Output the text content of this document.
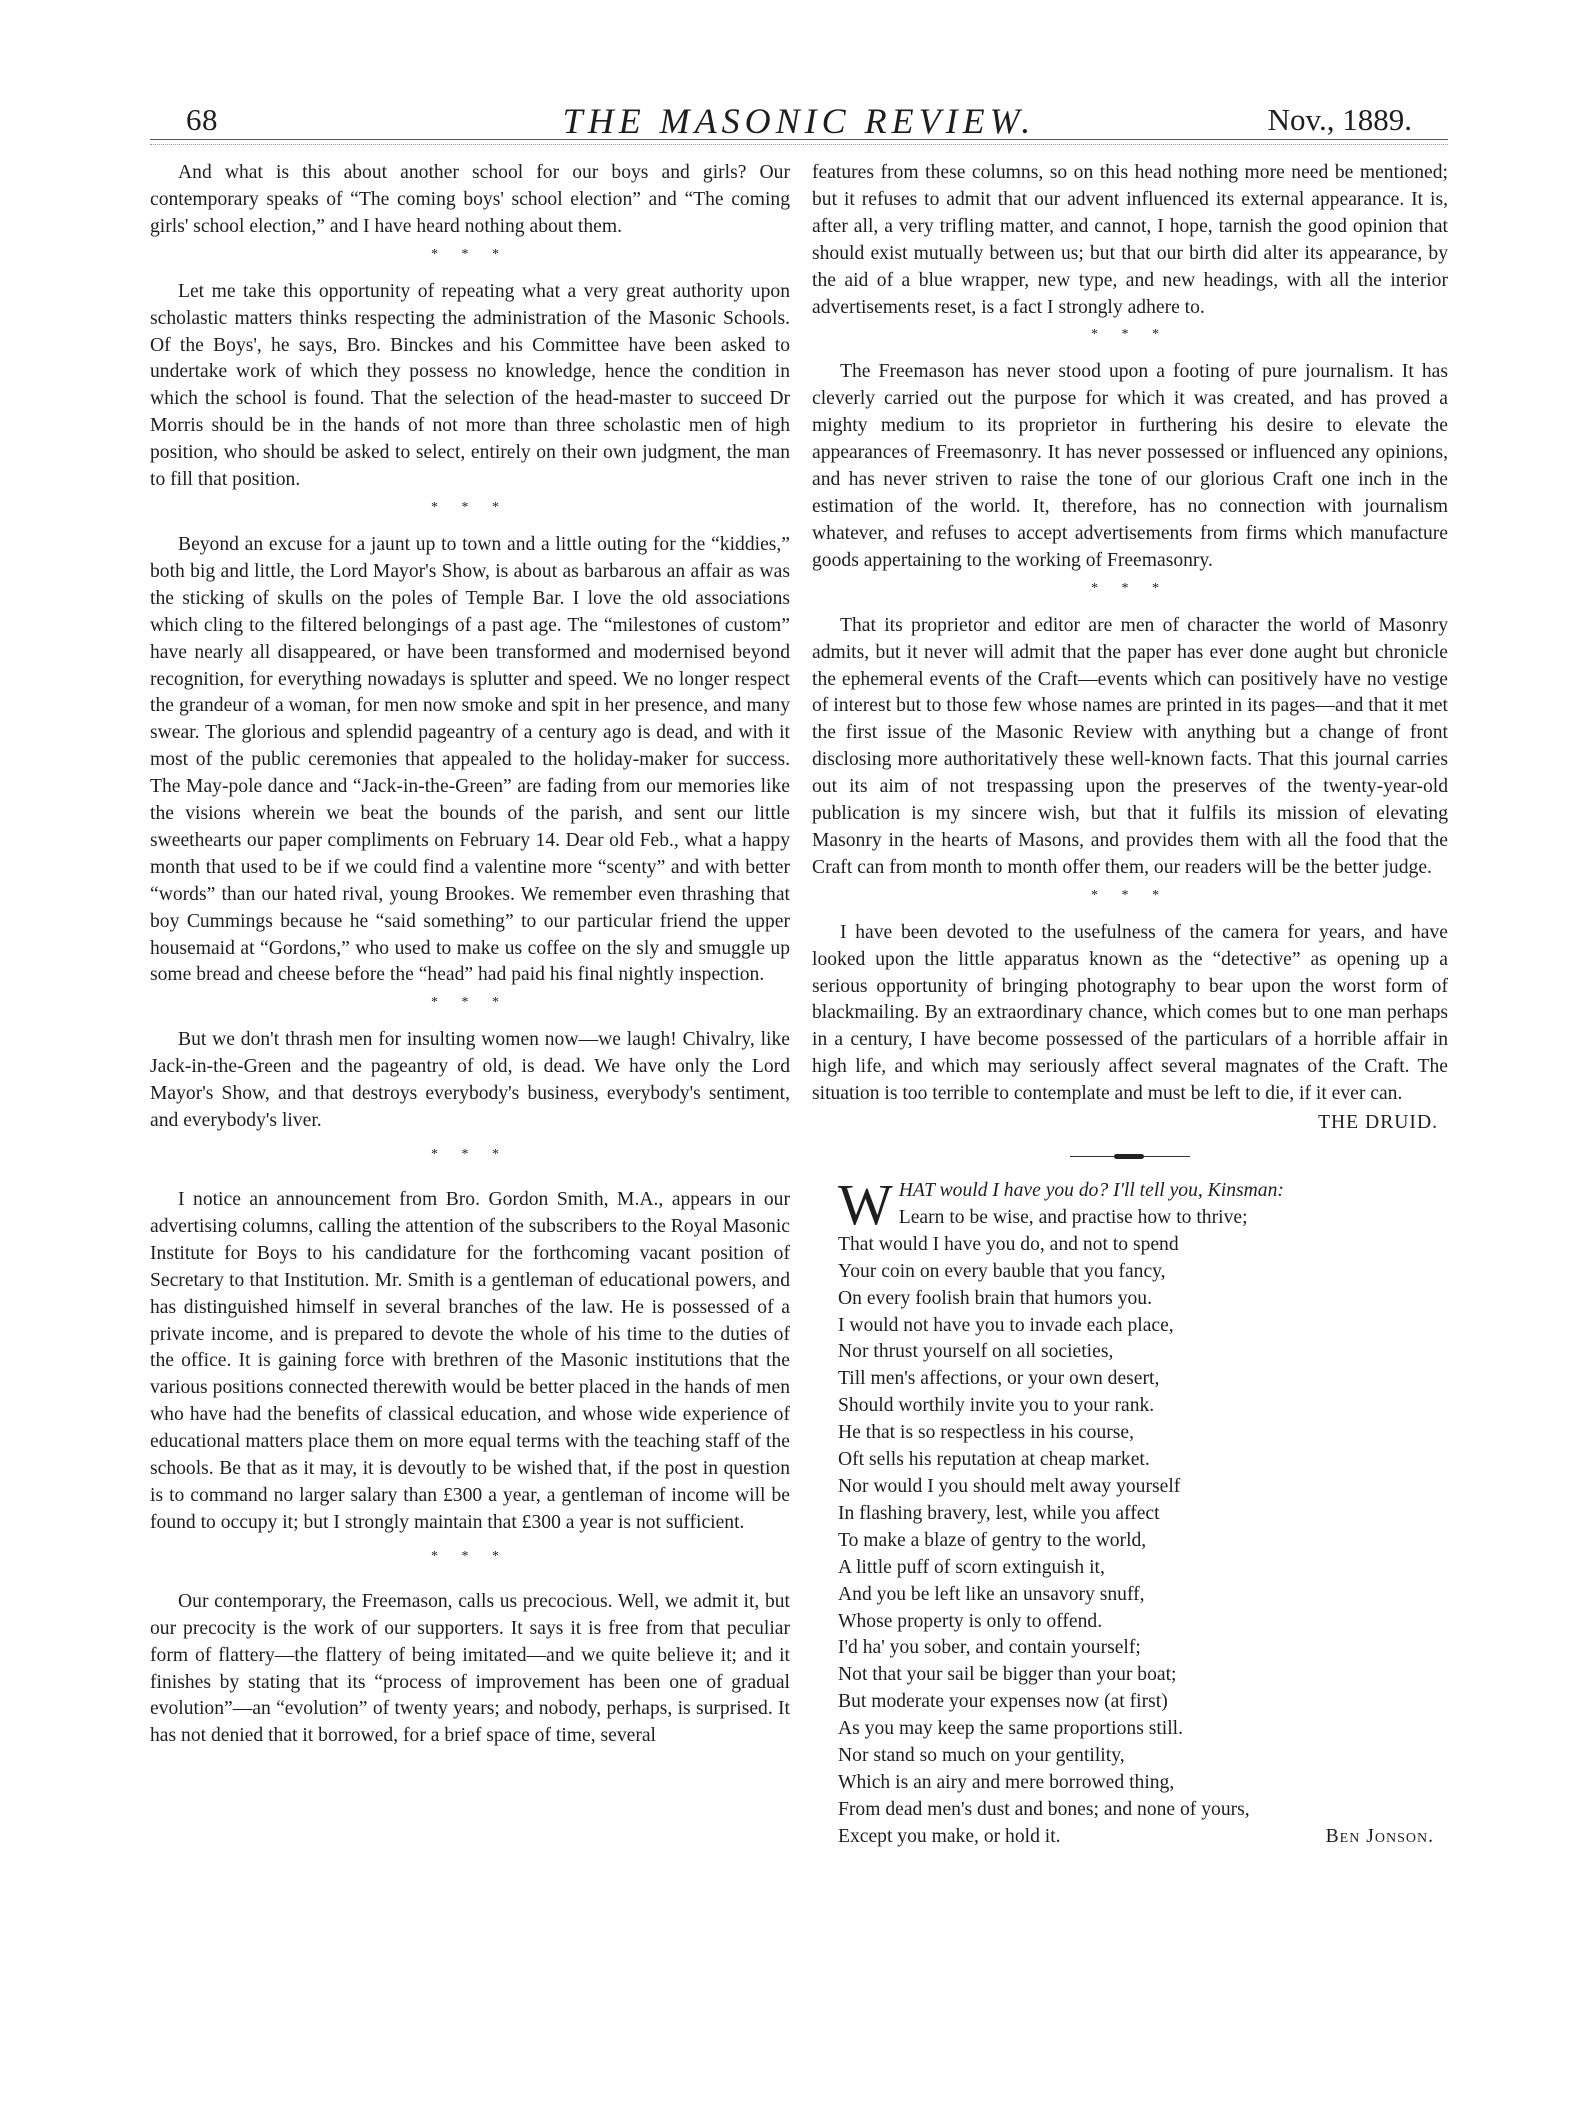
68	THE MASONIC REVIEW.	Nov., 1889.

And what is this about another school for our boys and girls? Our contemporary speaks of “The coming boys' school election” and “The coming girls' school election,” and I have heard nothing about them.

* * *

Let me take this opportunity of repeating what a very great authority upon scholastic matters thinks respecting the administration of the Masonic Schools. Of the Boys', he says, Bro. Binckes and his Committee have been asked to undertake work of which they possess no knowledge, hence the condition in which the school is found. That the selection of the head-master to succeed Dr Morris should be in the hands of not more than three scholastic men of high position, who should be asked to select, entirely on their own judgment, the man to fill that position.

* * *

Beyond an excuse for a jaunt up to town and a little outing for the “kiddies,” both big and little, the Lord Mayor's Show, is about as barbarous an affair as was the sticking of skulls on the poles of Temple Bar. I love the old associations which cling to the filtered belongings of a past age. The “milestones of custom” have nearly all disappeared, or have been transformed and modernised beyond recognition, for everything nowadays is splutter and speed. We no longer respect the grandeur of a woman, for men now smoke and spit in her presence, and many swear. The glorious and splendid pageantry of a century ago is dead, and with it most of the public ceremonies that appealed to the holiday-maker for success. The May-pole dance and “Jack-in-the-Green” are fading from our memories like the visions wherein we beat the bounds of the parish, and sent our little sweethearts our paper compliments on February 14. Dear old Feb., what a happy month that used to be if we could find a valentine more “scenty” and with better “words” than our hated rival, young Brookes. We remember even thrashing that boy Cummings because he “said something” to our particular friend the upper housemaid at “Gordons,” who used to make us coffee on the sly and smuggle up some bread and cheese before the “head” had paid his final nightly inspection.

* * *

But we don't thrash men for insulting women now—we laugh! Chivalry, like Jack-in-the-Green and the pageantry of old, is dead. We have only the Lord Mayor's Show, and that destroys everybody's business, everybody's sentiment, and everybody's liver.

* * *

I notice an announcement from Bro. Gordon Smith, M.A., appears in our advertising columns, calling the attention of the subscribers to the Royal Masonic Institute for Boys to his candidature for the forthcoming vacant position of Secretary to that Institution. Mr. Smith is a gentleman of educational powers, and has distinguished himself in several branches of the law. He is possessed of a private income, and is prepared to devote the whole of his time to the duties of the office. It is gaining force with brethren of the Masonic institutions that the various positions connected therewith would be better placed in the hands of men who have had the benefits of classical education, and whose wide experience of educational matters place them on more equal terms with the teaching staff of the schools. Be that as it may, it is devoutly to be wished that, if the post in question is to command no larger salary than £300 a year, a gentleman of income will be found to occupy it; but I strongly maintain that £300 a year is not sufficient.

* * *

Our contemporary, the Freemason, calls us precocious. Well, we admit it, but our precocity is the work of our supporters. It says it is free from that peculiar form of flattery—the flattery of being imitated—and we quite believe it; and it finishes by stating that its “process of improvement has been one of gradual evolution”—an “evolution” of twenty years; and nobody, perhaps, is surprised. It has not denied that it borrowed, for a brief space of time, several

features from these columns, so on this head nothing more need be mentioned; but it refuses to admit that our advent influenced its external appearance. It is, after all, a very trifling matter, and cannot, I hope, tarnish the good opinion that should exist mutually between us; but that our birth did alter its appearance, by the aid of a blue wrapper, new type, and new headings, with all the interior advertisements reset, is a fact I strongly adhere to.

* * *

The Freemason has never stood upon a footing of pure journalism. It has cleverly carried out the purpose for which it was created, and has proved a mighty medium to its proprietor in furthering his desire to elevate the appearances of Freemasonry. It has never possessed or influenced any opinions, and has never striven to raise the tone of our glorious Craft one inch in the estimation of the world. It, therefore, has no connection with journalism whatever, and refuses to accept advertisements from firms which manufacture goods appertaining to the working of Freemasonry.

* * *

That its proprietor and editor are men of character the world of Masonry admits, but it never will admit that the paper has ever done aught but chronicle the ephemeral events of the Craft—events which can positively have no vestige of interest but to those few whose names are printed in its pages—and that it met the first issue of the Masonic Review with anything but a change of front disclosing more authoritatively these well-known facts. That this journal carries out its aim of not trespassing upon the preserves of the twenty-year-old publication is my sincere wish, but that it fulfils its mission of elevating Masonry in the hearts of Masons, and provides them with all the food that the Craft can from month to month offer them, our readers will be the better judge.

* * *

I have been devoted to the usefulness of the camera for years, and have looked upon the little apparatus known as the “detective” as opening up a serious opportunity of bringing photography to bear upon the worst form of blackmailing. By an extraordinary chance, which comes but to one man perhaps in a century, I have become possessed of the particulars of a horrible affair in high life, and which may seriously affect several magnates of the Craft. The situation is too terrible to contemplate and must be left to die, if it ever can.

THE DRUID.
W HAT would I have you do? I'll tell you, Kinsman:
Learn to be wise, and practise how to thrive;
That would I have you do, and not to spend
Your coin on every bauble that you fancy,
On every foolish brain that humors you.
I would not have you to invade each place,
Nor thrust yourself on all societies,
Till men's affections, or your own desert,
Should worthily invite you to your rank.
He that is so respectless in his course,
Oft sells his reputation at cheap market.
Nor would I you should melt away yourself
In flashing bravery, lest, while you affect
To make a blaze of gentry to the world,
A little puff of scorn extinguish it,
And you be left like an unsavory snuff,
Whose property is only to offend.
I'd ha' you sober, and contain yourself;
Not that your sail be bigger than your boat;
But moderate your expenses now (at first)
As you may keep the same proportions still.
Nor stand so much on your gentility,
Which is an airy and mere borrowed thing,
From dead men's dust and bones; and none of yours,
Except you make, or hold it.	Ben Jonson.
